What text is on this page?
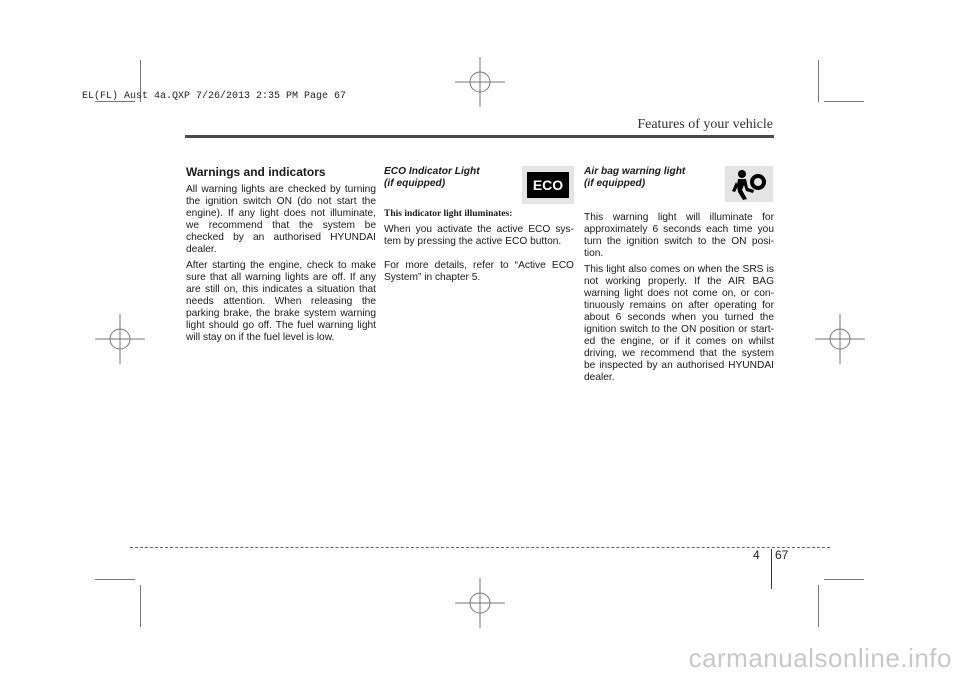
EL(FL) Aust 4a.QXP 7/26/2013 2:35 PM Page 67
Features of your vehicle
Warnings and indicators

All warning lights are checked by turning the ignition switch ON (do not start the engine). If any light does not illuminate, we recommend that the system be checked by an authorised HYUNDAI dealer.

After starting the engine, check to make sure that all warning lights are off. If any are still on, this indicates a situation that needs attention. When releasing the parking brake, the brake system warning light should go off. The fuel warning light will stay on if the fuel level is low.

ECO Indicator Light
(if equipped)

This indicator light illuminates:

When you activate the active ECO sys-tem by pressing the active ECO button.

For more details, refer to “Active ECO System” in chapter 5.

ECO
Air bag warning light
(if equipped)

This warning light will illuminate for approximately 6 seconds each time you turn the ignition switch to the ON posi-tion.

This light also comes on when the SRS is not working properly. If the AIR BAG warning light does not come on, or con-tinuously remains on after operating for about 6 seconds when you turned the ignition switch to the ON position or start-ed the engine, or if it comes on whilst driving, we recommend that the system be inspected by an authorised HYUNDAI dealer.

4 67
carmanualsonline.info
